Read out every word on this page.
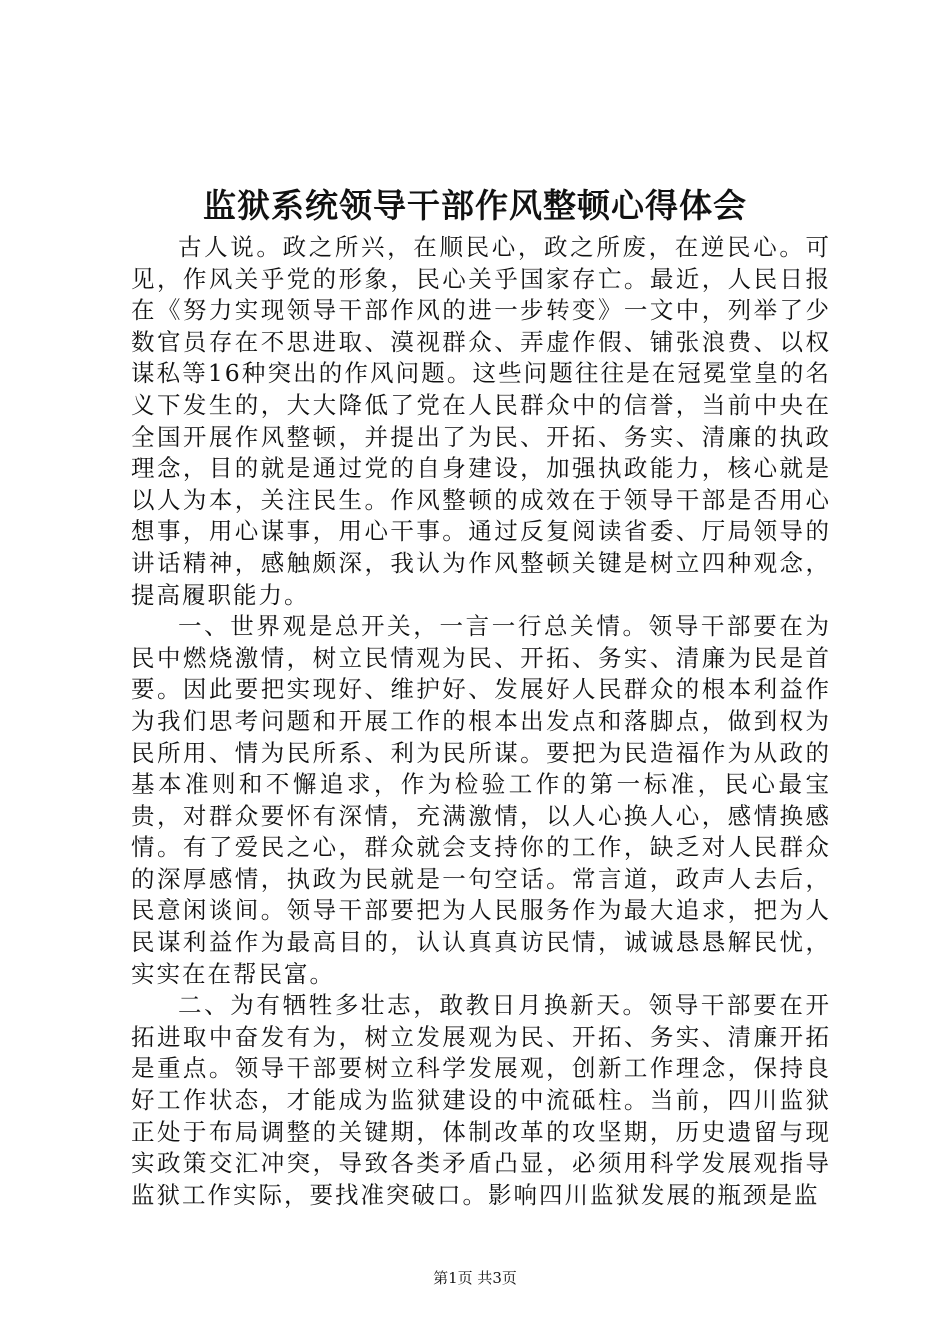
监狱系统领导干部作风整顿心得体会

古人说。政之所兴，在顺民心，政之所废，在逆民心。可见，作风关乎党的形象，民心关乎国家存亡。最近，人民日报在《努力实现领导干部作风的进一步转变》一文中，列举了少数官员存在不思进取、漠视群众、弄虚作假、铺张浪费、以权谋私等16种突出的作风问题。这些问题往往是在冠冕堂皇的名义下发生的，大大降低了党在人民群众中的信誉，当前中央在全国开展作风整顿，并提出了为民、开拓、务实、清廉的执政理念，目的就是通过党的自身建设，加强执政能力，核心就是以人为本，关注民生。作风整顿的成效在于领导干部是否用心想事，用心谋事，用心干事。通过反复阅读省委、厅局领导的讲话精神，感触颇深，我认为作风整顿关键是树立四种观念，提高履职能力。

一、世界观是总开关，一言一行总关情。领导干部要在为民中燃烧激情，树立民情观为民、开拓、务实、清廉为民是首要。因此要把实现好、维护好、发展好人民群众的根本利益作为我们思考问题和开展工作的根本出发点和落脚点，做到权为民所用、情为民所系、利为民所谋。要把为民造福作为从政的基本准则和不懈追求，作为检验工作的第一标准，民心最宝贵，对群众要怀有深情，充满激情，以人心换人心，感情换感情。有了爱民之心，群众就会支持你的工作，缺乏对人民群众的深厚感情，执政为民就是一句空话。常言道，政声人去后，民意闲谈间。领导干部要把为人民服务作为最大追求，把为人民谋利益作为最高目的，认认真真访民情，诚诚恳恳解民忧，实实在在帮民富。

二、为有牺牲多壮志，敢教日月换新天。领导干部要在开拓进取中奋发有为，树立发展观为民、开拓、务实、清廉开拓是重点。领导干部要树立科学发展观，创新工作理念，保持良好工作状态，才能成为监狱建设的中流砥柱。当前，四川监狱正处于布局调整的关键期，体制改革的攻坚期，历史遗留与现实政策交汇冲突，导致各类矛盾凸显，必须用科学发展观指导监狱工作实际，要找准突破口。影响四川监狱发展的瓶颈是监

第1页 共3页
